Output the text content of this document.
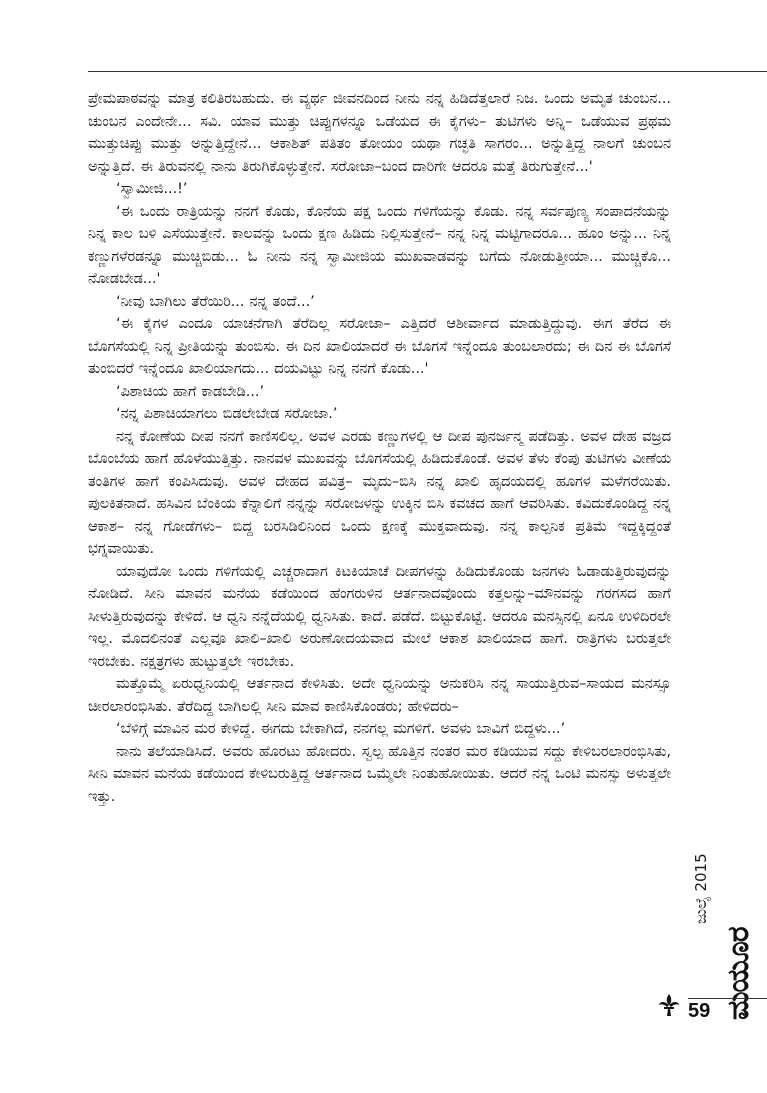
ಪ್ರೇಮಪಾಠವನ್ನು ಮಾತ್ರ ಕಲಿತಿರಬಹುದು. ಈ ವ್ಯರ್ಥ ಜೀವನದಿಂದ ನೀನು ನನ್ನ ಹಿಡಿದೆತ್ತಲಾರೆ ನಿಜ. ಒಂದು ಅಮೃತ ಚುಂಬನ... ಚುಂಬನ ಎಂದೇನೇ... ಸವಿ. ಯಾವ ಮುತ್ತು ಚಿಪ್ಪುಗಳನ್ನೂ ಒಡೆಯದ ಈ ಕೈಗಳು– ತುಟಿಗಳು ಅನ್ನಿ– ಒಡೆಯುವ ಪ್ರಥಮ ಮುತ್ತುಚಿಪ್ಪು ಮುತ್ತು ಅನ್ನುತ್ತಿದ್ದೇನೆ... ಆಕಾಶಿತ್ ಪತಿತಂ ತೋಯಂ ಯಥಾ ಗಚ್ಛತಿ ಸಾಗರಂ... ಅನ್ನುತ್ತಿದ್ದ ನಾಲಗೆ ಚುಂಬನ ಅನ್ನುತ್ತಿದೆ. ಈ ತಿರುವನಲ್ಲಿ ನಾನು ತಿರುಗಿಕೊಳ್ಳುತ್ತೇನೆ. ಸರೋಜಾ–ಬಂದ ದಾರಿಗೇ ಆದರೂ ಮತ್ತೆ ತಿರುಗುತ್ತೇನೆ...'

‘ಸ್ವಾಮೀಜಿ...!’

‘ಈ ಒಂದು ರಾತ್ರಿಯನ್ನು ನನಗೆ ಕೊಡು, ಕೊನೆಯ ಪಕ್ಷ ಒಂದು ಗಳಿಗೆಯನ್ನು ಕೊಡು. ನನ್ನ ಸರ್ವಪುಣ್ಯ ಸಂಪಾದನೆಯನ್ನು ನಿನ್ನ ಕಾಲ ಬಳಿ ಎಸೆಯುತ್ತೇನೆ. ಕಾಲವನ್ನು ಒಂದು ಕ್ಷಣ ಹಿಡಿದು ನಿಲ್ಲಿಸುತ್ತೇನೆ– ನನ್ನ ನಿನ್ನ ಮಟ್ಟಿಗಾದರೂ... ಹೂಂ ಅನ್ನು... ನಿನ್ನ ಕಣ್ಣುಗಳೆರಡನ್ನೂ ಮುಚ್ಚಿಬಿಡು... ಓ ನೀನು ನನ್ನ ಸ್ವಾಮೀಜಿಯ ಮುಖವಾಡವನ್ನು ಬಗೆದು ನೋಡುತ್ತೀಯಾ... ಮುಚ್ಚಿಕೊ... ನೋಡಬೇಡ...'

‘ನೀವು ಬಾಗಿಲು ತೆರೆಯಿರಿ... ನನ್ನ ತಂದೆ...’

‘ಈ ಕೈಗಳ ಎಂದೂ ಯಾಚನೆಗಾಗಿ ತೆರೆದಿಲ್ಲ ಸರೋಜಾ– ಎತ್ತಿದರೆ ಆಶೀರ್ವಾದ ಮಾಡುತ್ತಿದ್ದುವು. ಈಗ ತೆರೆದ ಈ ಬೊಗಸೆಯಲ್ಲಿ ನಿನ್ನ ಪ್ರೀತಿಯನ್ನು ತುಂಬಿಸು. ಈ ದಿನ ಖಾಲಿಯಾದರೆ ಈ ಬೊಗಸೆ ಇನ್ನೆಂದೂ ತುಂಬಲಾರದು; ಈ ದಿನ ಈ ಬೊಗಸೆ ತುಂಬಿದರೆ ಇನ್ನೆಂದೂ ಖಾಲಿಯಾಗದು... ದಯವಿಟ್ಟು ನಿನ್ನ ನನಗೆ ಕೊಡು...'

‘ಪಿಶಾಚಿಯ ಹಾಗೆ ಕಾಡಬೇಡಿ...’

‘ನನ್ನ ಪಿಶಾಚಿಯಾಗಲು ಬಿಡಲೇಬೇಡ ಸರೋಜಾ.’

ನನ್ನ ಕೋಣೆಯ ದೀಪ ನನಗೆ ಕಾಣಿಸಲಿಲ್ಲ. ಅವಳ ಎರಡು ಕಣ್ಣುಗಳಲ್ಲಿ ಆ ದೀಪ ಪುನರ್ಜನ್ಮ ಪಡೆದಿತ್ತು. ಅವಳ ದೇಹ ವಜ್ರದ ಬೊಂಬೆಯ ಹಾಗೆ ಹೊಳೆಯುತ್ತಿತ್ತು. ನಾನವಳ ಮುಖವನ್ನು ಬೊಗಸೆಯಲ್ಲಿ ಹಿಡಿದುಕೊಂಡೆ. ಅವಳ ತೆಳು ಕೆಂಪು ತುಟಿಗಳು ವೀಣೆಯ ತಂತಿಗಳ ಹಾಗೆ ಕಂಪಿಸಿದುವು. ಅವಳ ದೇಹದ ಪವಿತ್ರ– ಮೃದು–ಬಿಸಿ ನನ್ನ ಖಾಲಿ ಹೃದಯದಲ್ಲಿ ಹೂಗಳ ಮಳೆಗರೆಯಿತು. ಪುಲಕಿತನಾದೆ. ಹಸಿವಿನ ಬೆಂಕಿಯ ಕೆನ್ನಾಲಿಗೆ ನನ್ನನ್ನು ಸರೋಜಳನ್ನು ಉಕ್ಕಿನ ಬಿಸಿ ಕವಚದ ಹಾಗೆ ಆವರಿಸಿತು. ಕವಿದುಕೊಂಡಿದ್ದ ನನ್ನ ಆಕಾಶ– ನನ್ನ ಗೋಡೆಗಳು– ಬಿದ್ದ ಬರಸಿಡಿಲಿನಿಂದ ಒಂದು ಕ್ಷಣಕ್ಕೆ ಮುಕ್ತವಾದುವು. ನನ್ನ ಕಾಲ್ಪನಿಕ ಪ್ರತಿಮೆ ಇದ್ದಕ್ಕಿದ್ದಂತೆ ಭಗ್ನವಾಯಿತು.

ಯಾವುದೋ ಒಂದು ಗಳಿಗೆಯಲ್ಲಿ ಎಚ್ಚರಾದಾಗ ಕಿಟಕಿಯಾಚೆ ದೀಪಗಳನ್ನು ಹಿಡಿದುಕೊಂಡು ಜನಗಳು ಓಡಾಡುತ್ತಿರುವುದನ್ನು ನೋಡಿದೆ. ಸೀನಿ ಮಾವನ ಮನೆಯ ಕಡೆಯಿಂದ ಹೆಂಗರುಳಿನ ಆರ್ತನಾದವೊಂದು ಕತ್ತಲನ್ನು–ಮೌನವನ್ನು ಗರಗಸದ ಹಾಗೆ ಸೀಳುತ್ತಿರುವುದನ್ನು ಕೇಳಿದೆ. ಆ ಧ್ವನಿ ನನ್ನೆದೆಯಲ್ಲಿ ಧ್ವನಿಸಿತು. ಕಾದೆ. ಪಡೆದೆ. ಬಿಟ್ಟುಕೊಟ್ಟೆ. ಆದರೂ ಮನಸ್ಸಿನಲ್ಲಿ ಏನೂ ಉಳಿದಿರಲೇ ಇಲ್ಲ. ಮೊದಲಿನಂತೆ ಎಲ್ಲವೂ ಖಾಲಿ–ಖಾಲಿ ಅರುಣೋದಯವಾದ ಮೇಲೆ ಆಕಾಶ ಖಾಲಿಯಾದ ಹಾಗೆ. ರಾತ್ರಿಗಳು ಬರುತ್ತಲೇ ಇರಬೇಕು. ನಕ್ಷತ್ರಗಳು ಹುಟ್ಟುತ್ತಲೇ ಇರಬೇಕು.

ಮತ್ತೊಮ್ಮೆ ಏರುಧ್ವನಿಯಲ್ಲಿ ಆರ್ತನಾದ ಕೇಳಿಸಿತು. ಅದೇ ಧ್ವನಿಯನ್ನು ಅನುಕರಿಸಿ ನನ್ನ ಸಾಯುತ್ತಿರುವ–ಸಾಯದ ಮನಸ್ಸೂ ಚೀರಲಾರಂಭಿಸಿತು. ತೆರೆದಿದ್ದ ಬಾಗಿಲಲ್ಲಿ ಸೀನಿ ಮಾವ ಕಾಣಿಸಿಕೊಂಡರು; ಹೇಳಿದರು–

‘ಬೆಳಿಗ್ಗೆ ಮಾವಿನ ಮರ ಕೇಳಿದ್ದೆ. ಈಗದು ಬೇಕಾಗಿದೆ, ನನಗಲ್ಲ ಮಗಳಿಗೆ. ಅವಳು ಬಾವಿಗೆ ಬಿದ್ದಳು...’

ನಾನು ತಲೆಯಾಡಿಸಿದೆ. ಅವರು ಹೊರಟು ಹೋದರು. ಸ್ವಲ್ಪ ಹೊತ್ತಿನ ನಂತರ ಮರ ಕಡಿಯುವ ಸದ್ದು ಕೇಳಿಬರಲಾರಂಭಿಸಿತು, ಸೀನಿ ಮಾವನ ಮನೆಯ ಕಡೆಯಿಂದ ಕೇಳಿಬರುತ್ತಿದ್ದ ಆರ್ತನಾದ ಒಮ್ಮೆಲೇ ನಿಂತುಹೋಯಿತು. ಆದರೆ ನನ್ನ ಒಂಟಿ ಮನಸ್ಸು ಅಳುತ್ತಲೇ ಇತ್ತು.

ಜುಲೈ 2015
ಮಯೂರ
59
